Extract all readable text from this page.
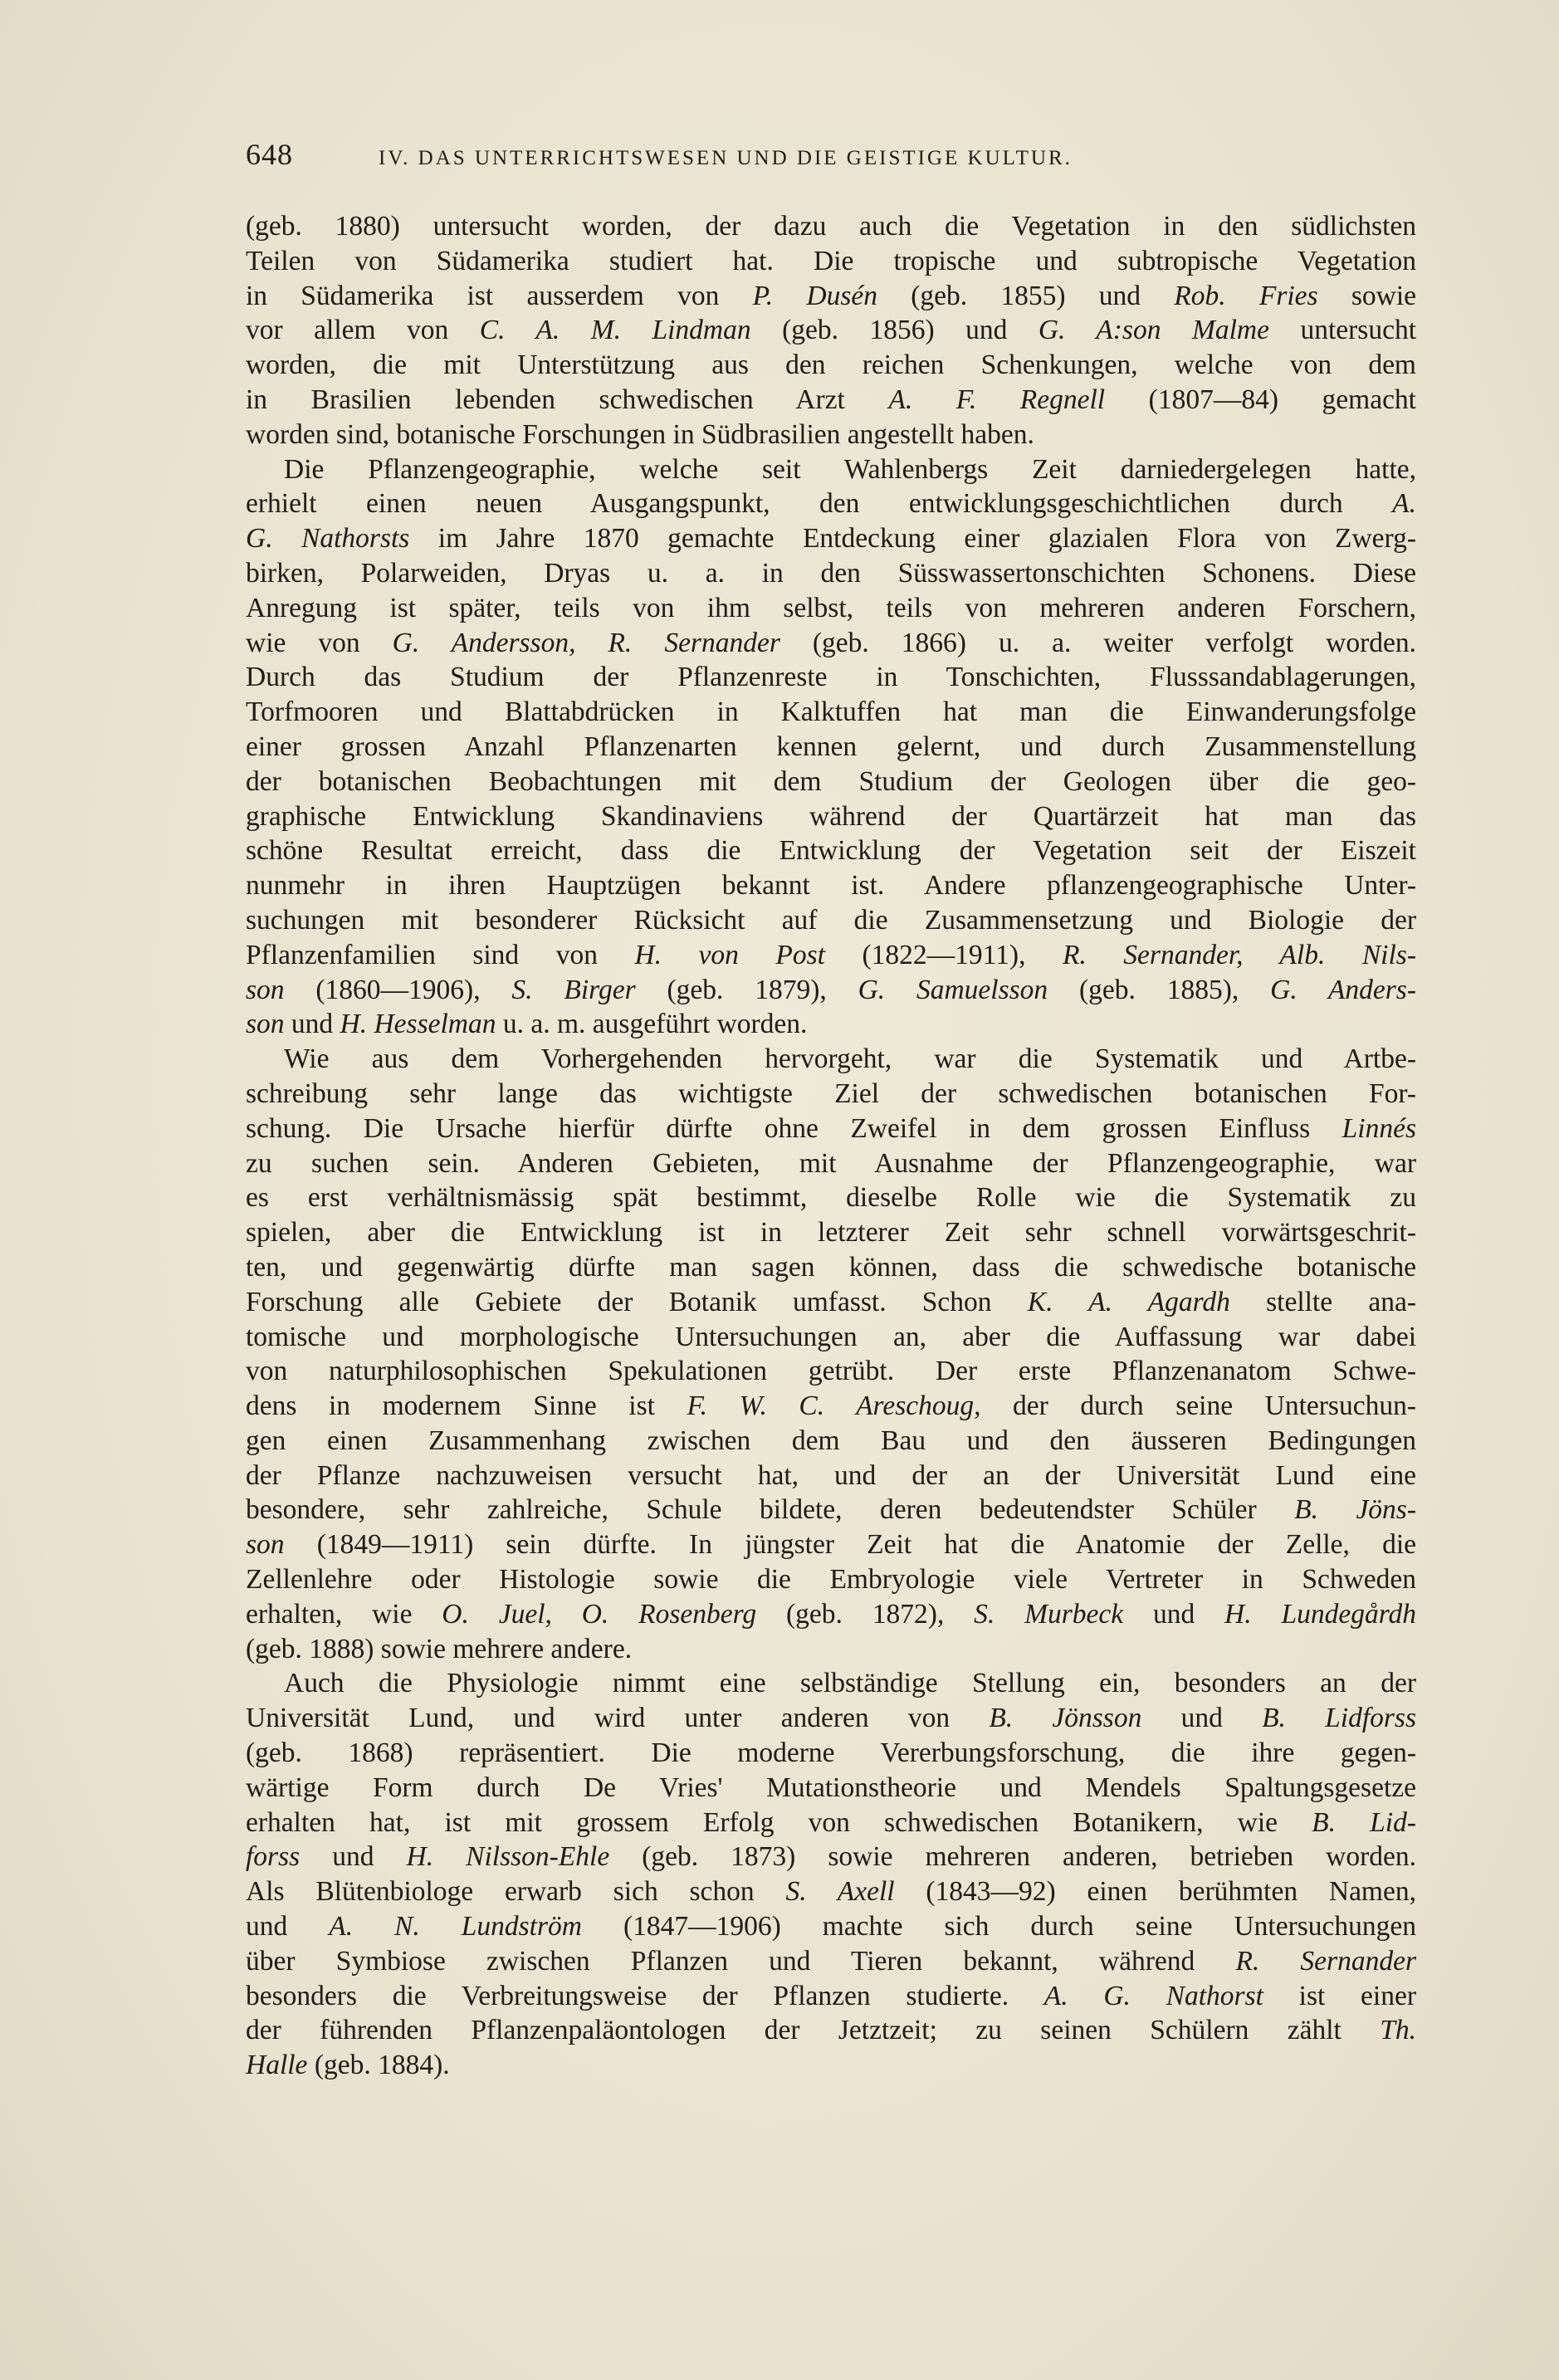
648	IV. DAS UNTERRICHTSWESEN UND DIE GEISTIGE KULTUR.
(geb. 1880) untersucht worden, der dazu auch die Vegetation in den südlichsten
Teilen von Südamerika studiert hat. Die tropische und subtropische Vegetation
in Südamerika ist ausserdem von P. Dusén (geb. 1855) und Rob. Fries sowie
vor allem von C. A. M. Lindman (geb. 1856) und G. A:son Malme untersucht
worden, die mit Unterstützung aus den reichen Schenkungen, welche von dem
in Brasilien lebenden schwedischen Arzt A. F. Regnell (1807—84) gemacht
worden sind, botanische Forschungen in Südbrasilien angestellt haben.
Die Pflanzengeographie, welche seit Wahlenbergs Zeit darniedergelegen hatte,
erhielt einen neuen Ausgangspunkt, den entwicklungsgeschichtlichen durch A.
G. Nathorsts im Jahre 1870 gemachte Entdeckung einer glazialen Flora von Zwerg-
birken, Polarweiden, Dryas u. a. in den Süsswassertonschichten Schonens. Diese
Anregung ist später, teils von ihm selbst, teils von mehreren anderen Forschern,
wie von G. Andersson, R. Sernander (geb. 1866) u. a. weiter verfolgt worden.
Durch das Studium der Pflanzenreste in Tonschichten, Flusssandablagerungen,
Torfmooren und Blattabdrücken in Kalktuffen hat man die Einwanderungsfolge
einer grossen Anzahl Pflanzenarten kennen gelernt, und durch Zusammenstellung
der botanischen Beobachtungen mit dem Studium der Geologen über die geo-
graphische Entwicklung Skandinaviens während der Quartärzeit hat man das
schöne Resultat erreicht, dass die Entwicklung der Vegetation seit der Eiszeit
nunmehr in ihren Hauptzügen bekannt ist. Andere pflanzengeographische Unter-
suchungen mit besonderer Rücksicht auf die Zusammensetzung und Biologie der
Pflanzenfamilien sind von H. von Post (1822—1911), R. Sernander, Alb. Nils-
son (1860—1906), S. Birger (geb. 1879), G. Samuelsson (geb. 1885), G. Anders-
son und H. Hesselman u. a. m. ausgeführt worden.
Wie aus dem Vorhergehenden hervorgeht, war die Systematik und Artbe-
schreibung sehr lange das wichtigste Ziel der schwedischen botanischen For-
schung. Die Ursache hierfür dürfte ohne Zweifel in dem grossen Einfluss Linnés
zu suchen sein. Anderen Gebieten, mit Ausnahme der Pflanzengeographie, war
es erst verhältnismässig spät bestimmt, dieselbe Rolle wie die Systematik zu
spielen, aber die Entwicklung ist in letzterer Zeit sehr schnell vorwärtsgeschrit-
ten, und gegenwärtig dürfte man sagen können, dass die schwedische botanische
Forschung alle Gebiete der Botanik umfasst. Schon K. A. Agardh stellte ana-
tomische und morphologische Untersuchungen an, aber die Auffassung war dabei
von naturphilosophischen Spekulationen getrübt. Der erste Pflanzenanatom Schwe-
dens in modernem Sinne ist F. W. C. Areschoug, der durch seine Untersuchun-
gen einen Zusammenhang zwischen dem Bau und den äusseren Bedingungen
der Pflanze nachzuweisen versucht hat, und der an der Universität Lund eine
besondere, sehr zahlreiche, Schule bildete, deren bedeutendster Schüler B. Jöns-
son (1849—1911) sein dürfte. In jüngster Zeit hat die Anatomie der Zelle, die
Zellenlehre oder Histologie sowie die Embryologie viele Vertreter in Schweden
erhalten, wie O. Juel, O. Rosenberg (geb. 1872), S. Murbeck und H. Lundegårdh
(geb. 1888) sowie mehrere andere.
Auch die Physiologie nimmt eine selbständige Stellung ein, besonders an der
Universität Lund, und wird unter anderen von B. Jönsson und B. Lidforss
(geb. 1868) repräsentiert. Die moderne Vererbungsforschung, die ihre gegen-
wärtige Form durch De Vries' Mutationstheorie und Mendels Spaltungsgesetze
erhalten hat, ist mit grossem Erfolg von schwedischen Botanikern, wie B. Lid-
forss und H. Nilsson-Ehle (geb. 1873) sowie mehreren anderen, betrieben worden.
Als Blütenbiologe erwarb sich schon S. Axell (1843—92) einen berühmten Namen,
und A. N. Lundström (1847—1906) machte sich durch seine Untersuchungen
über Symbiose zwischen Pflanzen und Tieren bekannt, während R. Sernander
besonders die Verbreitungsweise der Pflanzen studierte. A. G. Nathorst ist einer
der führenden Pflanzenpaläontologen der Jetztzeit; zu seinen Schülern zählt Th.
Halle (geb. 1884).
